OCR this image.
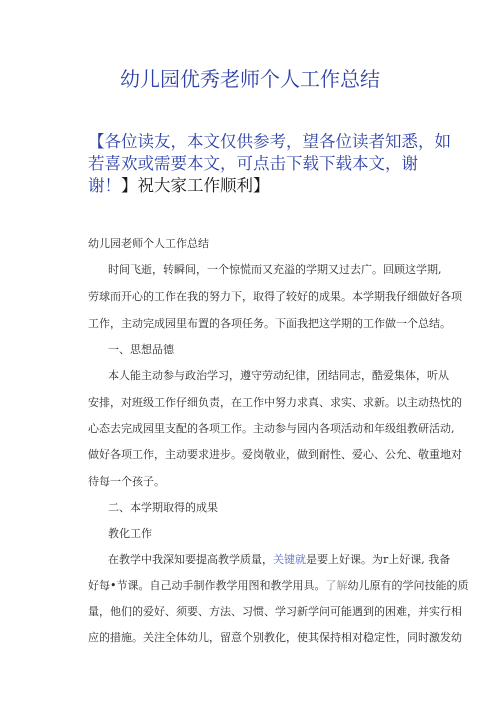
幼儿园优秀老师个人工作总结
【各位读友，本文仅供参考，望各位读者知悉，如
若喜欢或需要本文，可点击下载下载本文，谢
谢！】祝大家工作顺利】
幼儿园老师个人工作总结
时间飞逝，转瞬间，一个惊慌而又充溢的学期又过去广。回顾这学期,
劳球而开心的工作在我的努力下，取得了较好的成果。本学期我仔细做好各项
工作，主动完成园里布置的各项任务。下面我把这学期的工作做一个总结。
一、思想品德
本人能主动参与政治学习，遵守劳动纪律，团结同志，酷爱集体，听从
安排，对班级工作仔细负责，在工作中努力求真、求实、求新。以主动热忱的
心态去完成园里支配的各项工作。主动参与园内各项活动和年级组教研活动,
做好各项工作，主动要求进步。爱岗敬业，做到耐性、爱心、公允、敬重地对
待每一个孩子。
二、本学期取得的成果
教化工作
在教学中我深知要提高教学质量，关键就是要上好课。为r上好课, 我备
好每•节课。自己动手制作教学用图和教学用具。了解幼儿原有的学问技能的质
量，他们的爱好、须要、方法、习惯、学习新学问可能遇到的困难，并实行相
应的措施。关注全体幼儿，留意个别教化，使其保持相对稳定性，同时激发幼
